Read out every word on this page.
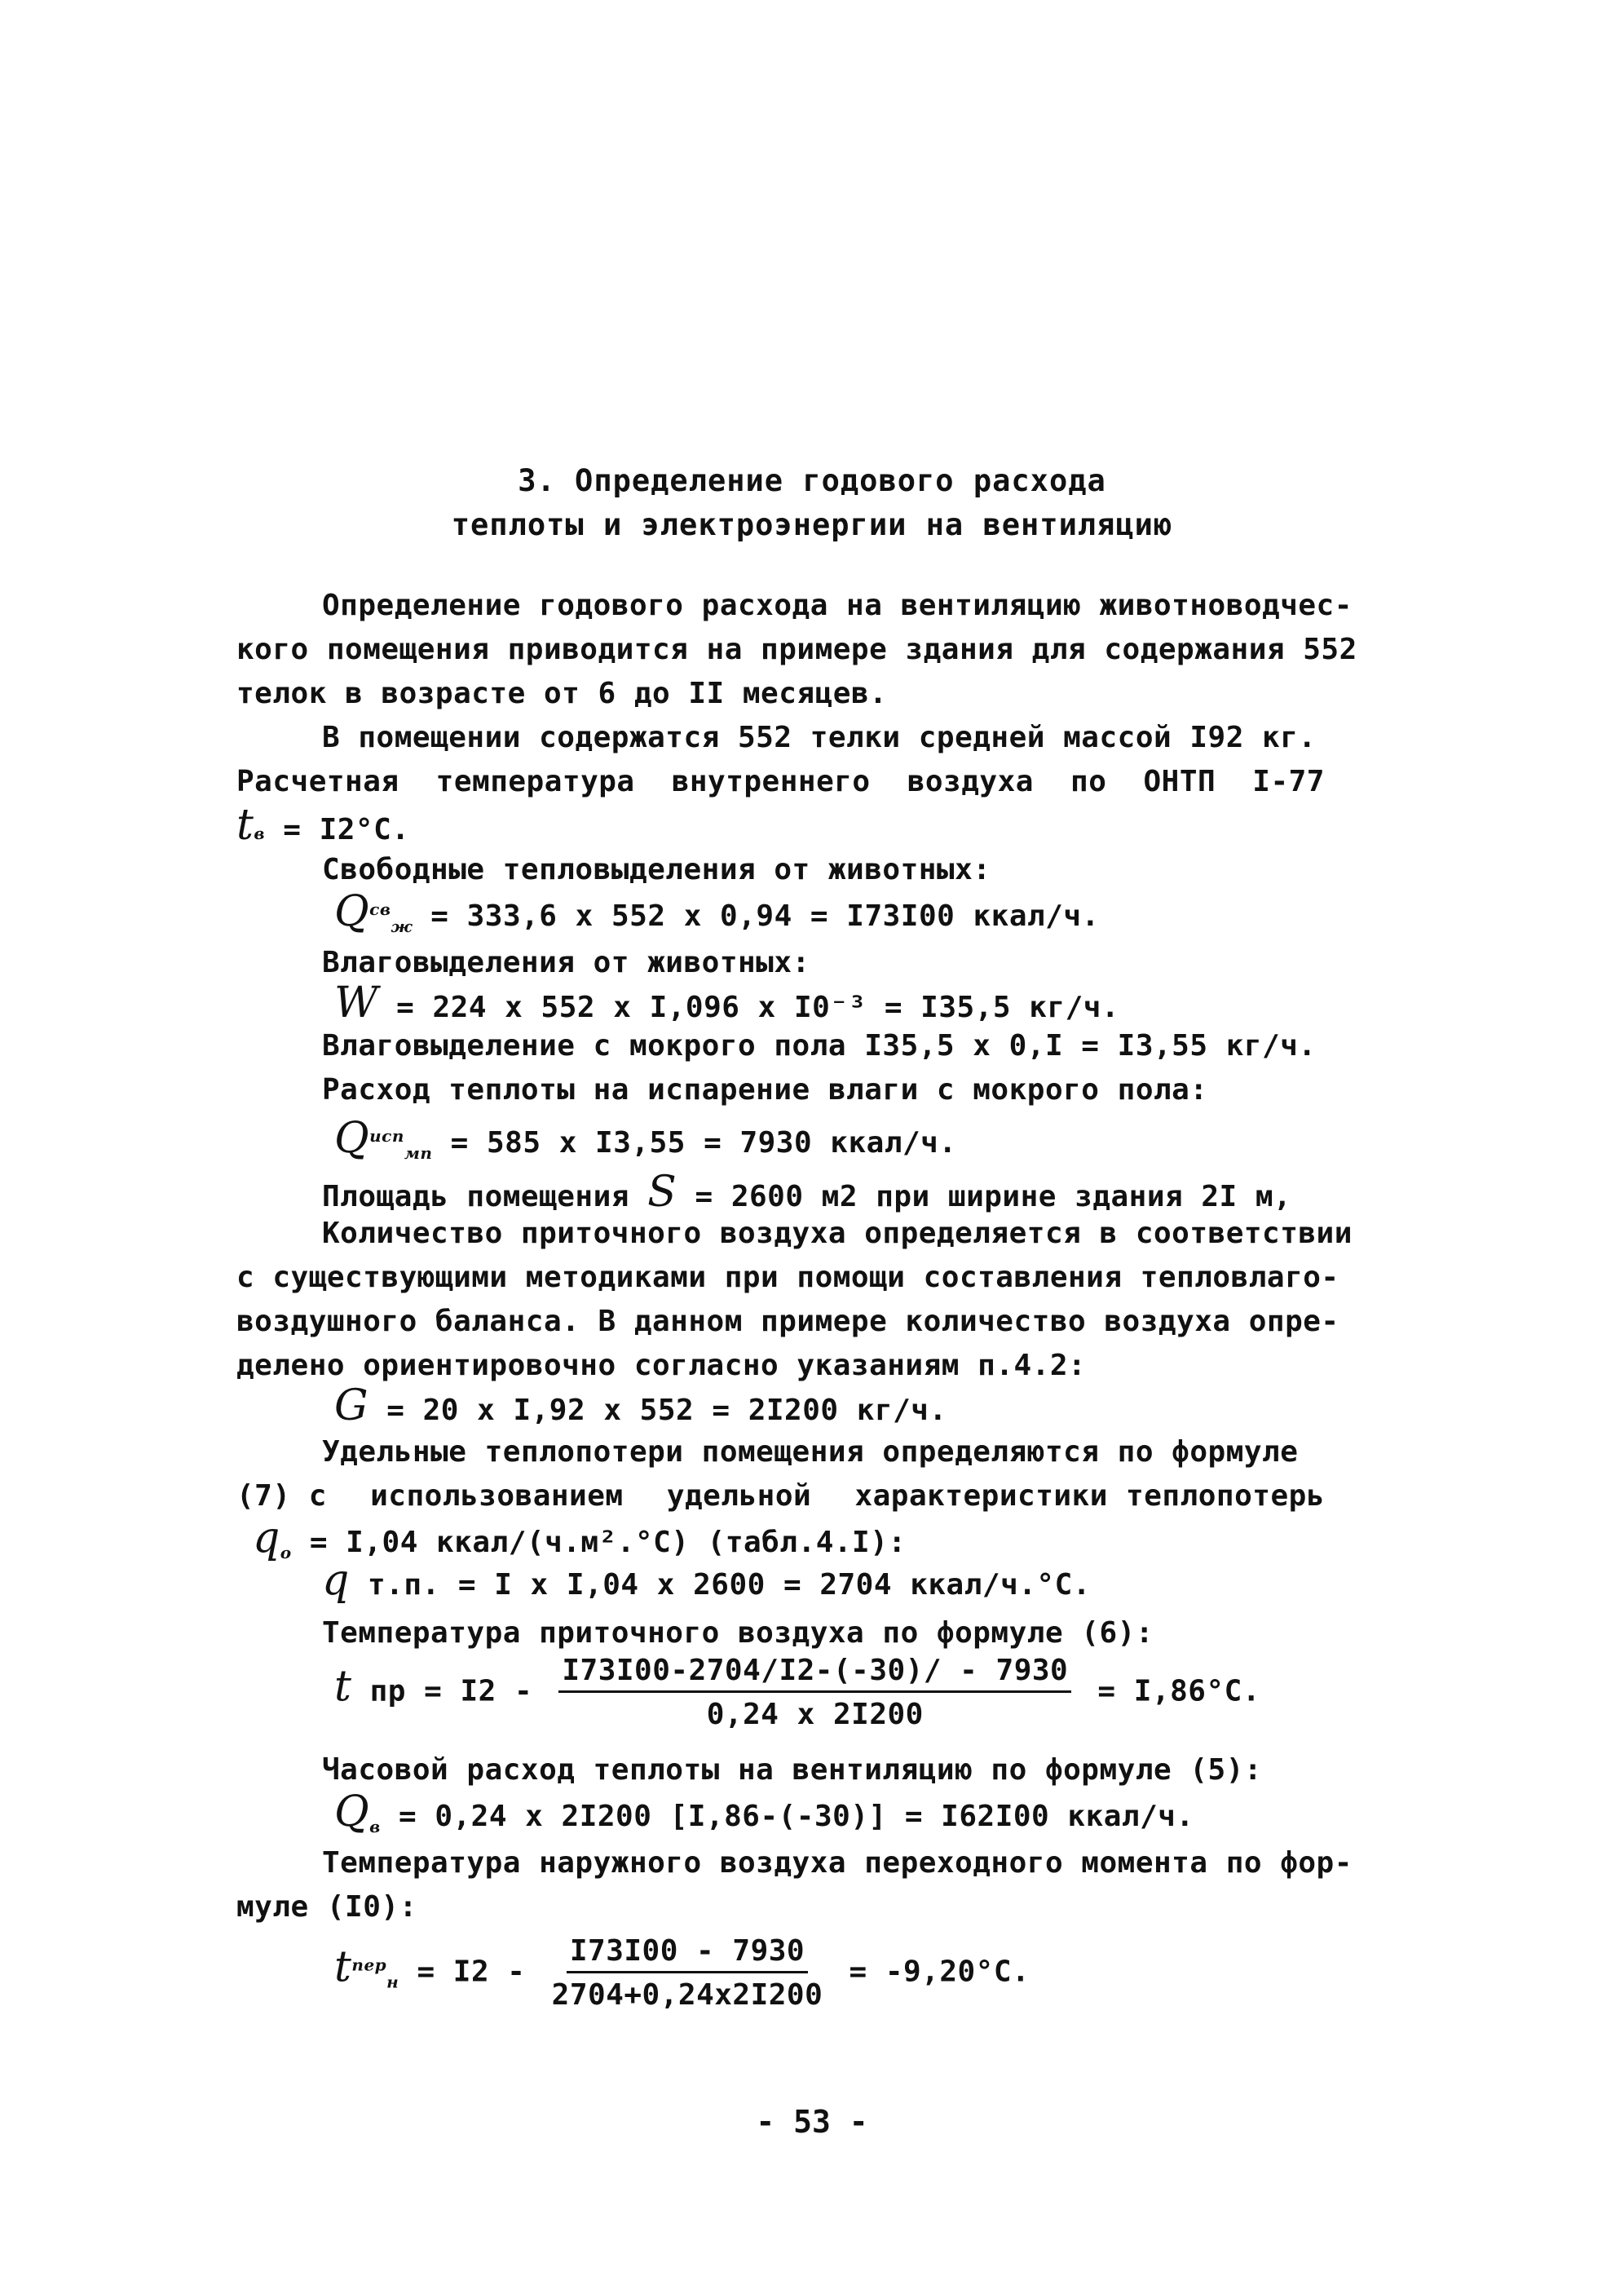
3. Определение годового расхода
теплоты и электроэнергии на вентиляцию
Определение годового расхода на вентиляцию животноводчес-
кого помещения приводится на примере здания для содержания 552
телок в возрасте от 6 до II месяцев.
В помещении содержатся 552 телки средней массой I92 кг.
Расчетная температура внутреннего воздуха по ОНТП I-77
tв = I2°С.
Свободные тепловыделения от животных:
$Q^{св}_ж = 333,6$ x 552 x 0,94 = I73I00 ккал/ч.
Влаговыделения от животных:
W = 224 x 552 x I,096 x I0⁻³ = I35,5 кг/ч.
Влаговыделение с мокрого пола I35,5 x 0,I = I3,55 кг/ч.
Расход теплоты на испарение влаги с мокрого пола:
$Q^{исп}_{мп} = 585$ x I3,55 = 7930 ккал/ч.
Площадь помещения S = 2600 м2 при ширине здания 2I м,
Количество приточного воздуха определяется в соответствии
с существующими методиками при помощи составления тепловлаго-
воздушного баланса. В данном примере количество воздуха опре-
делено ориентировочно согласно указаниям п.4.2:
G = 20 x I,92 x 552 = 2I200 кг/ч.
Удельные теплопотери помещения определяются по формуле
(7) с использованием удельной характеристики теплопотерь
$q_о = I,04$ ккал/(ч.м².°С) (табл.4.I):
q т.п. = I x I,04 x 2600 = 2704 ккал/ч.°С.
Температура приточного воздуха по формуле (6):
t пр = $I2 - \frac{I73I00-2704/I2-(-30)/ - 7930}{0,24 x 2I200} = I,86^\circ С$.
Часовой расход теплоты на вентиляцию по формуле (5):
$Q_в = 0,24$ x 2I200 [I,86-(-30)] = I62I00 ккал/ч.
Температура наружного воздуха переходного момента по фор-
муле (I0):
$t^{пер}_н = I2 - \frac{I73I00 - 7930}{2704+0,24x2I200} = -9,20^\circ С$.
- 53 -
